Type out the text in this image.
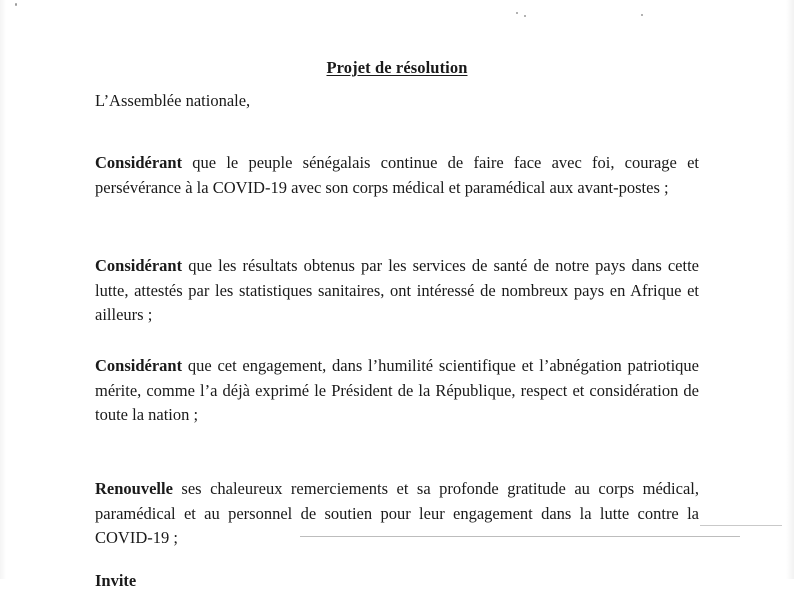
Projet de résolution

L’Assemblée nationale,

Considérant que le peuple sénégalais continue de faire face avec foi, courage et persévérance à la COVID-19 avec son corps médical et paramédical aux avant-postes ;

Considérant que les résultats obtenus par les services de santé de notre pays dans cette lutte, attestés par les statistiques sanitaires, ont intéressé de nombreux pays en Afrique et ailleurs ;

Considérant que cet engagement, dans l’humilité scientifique et l’abnégation patriotique mérite, comme l’a déjà exprimé le Président de la République, respect et considération de toute la nation ;

Renouvelle ses chaleureux remerciements et sa profonde gratitude au corps médical, paramédical et au personnel de soutien pour leur engagement dans la lutte contre la COVID-19 ;

Invite
